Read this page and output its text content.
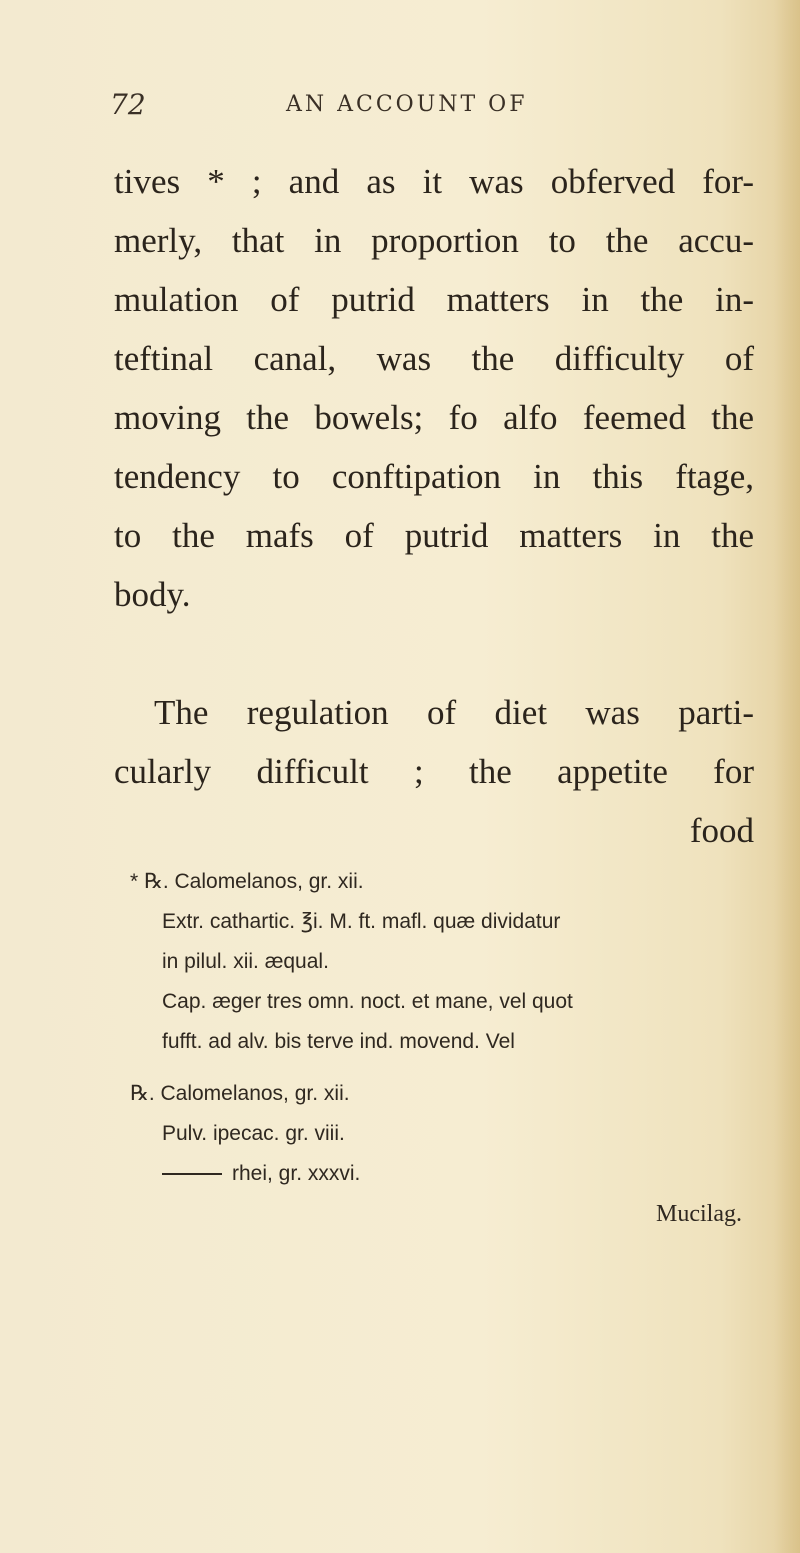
72	AN ACCOUNT OF
tives * ; and as it was obferved for-
merly, that in proportion to the accu-
mulation of putrid matters in the in-
teftinal canal, was the difficulty of
moving the bowels; fo alfo feemed the
tendency to conftipation in this ftage,
to the mafs of putrid matters in the
body.
The regulation of diet was parti-
cularly difficult ; the appetite for
food
* ℞. Calomelanos, gr. xii.
Extr. cathartic. ℥i. M. ft. mafl. quæ dividatur
in pilul. xii. æqual.
Cap. æger tres omn. noct. et mane, vel quot
fufft. ad alv. bis terve ind. movend. Vel
℞. Calomelanos, gr. xii.
Pulv. ipecac. gr. viii.
rhei, gr. xxxvi.
Mucilag.
